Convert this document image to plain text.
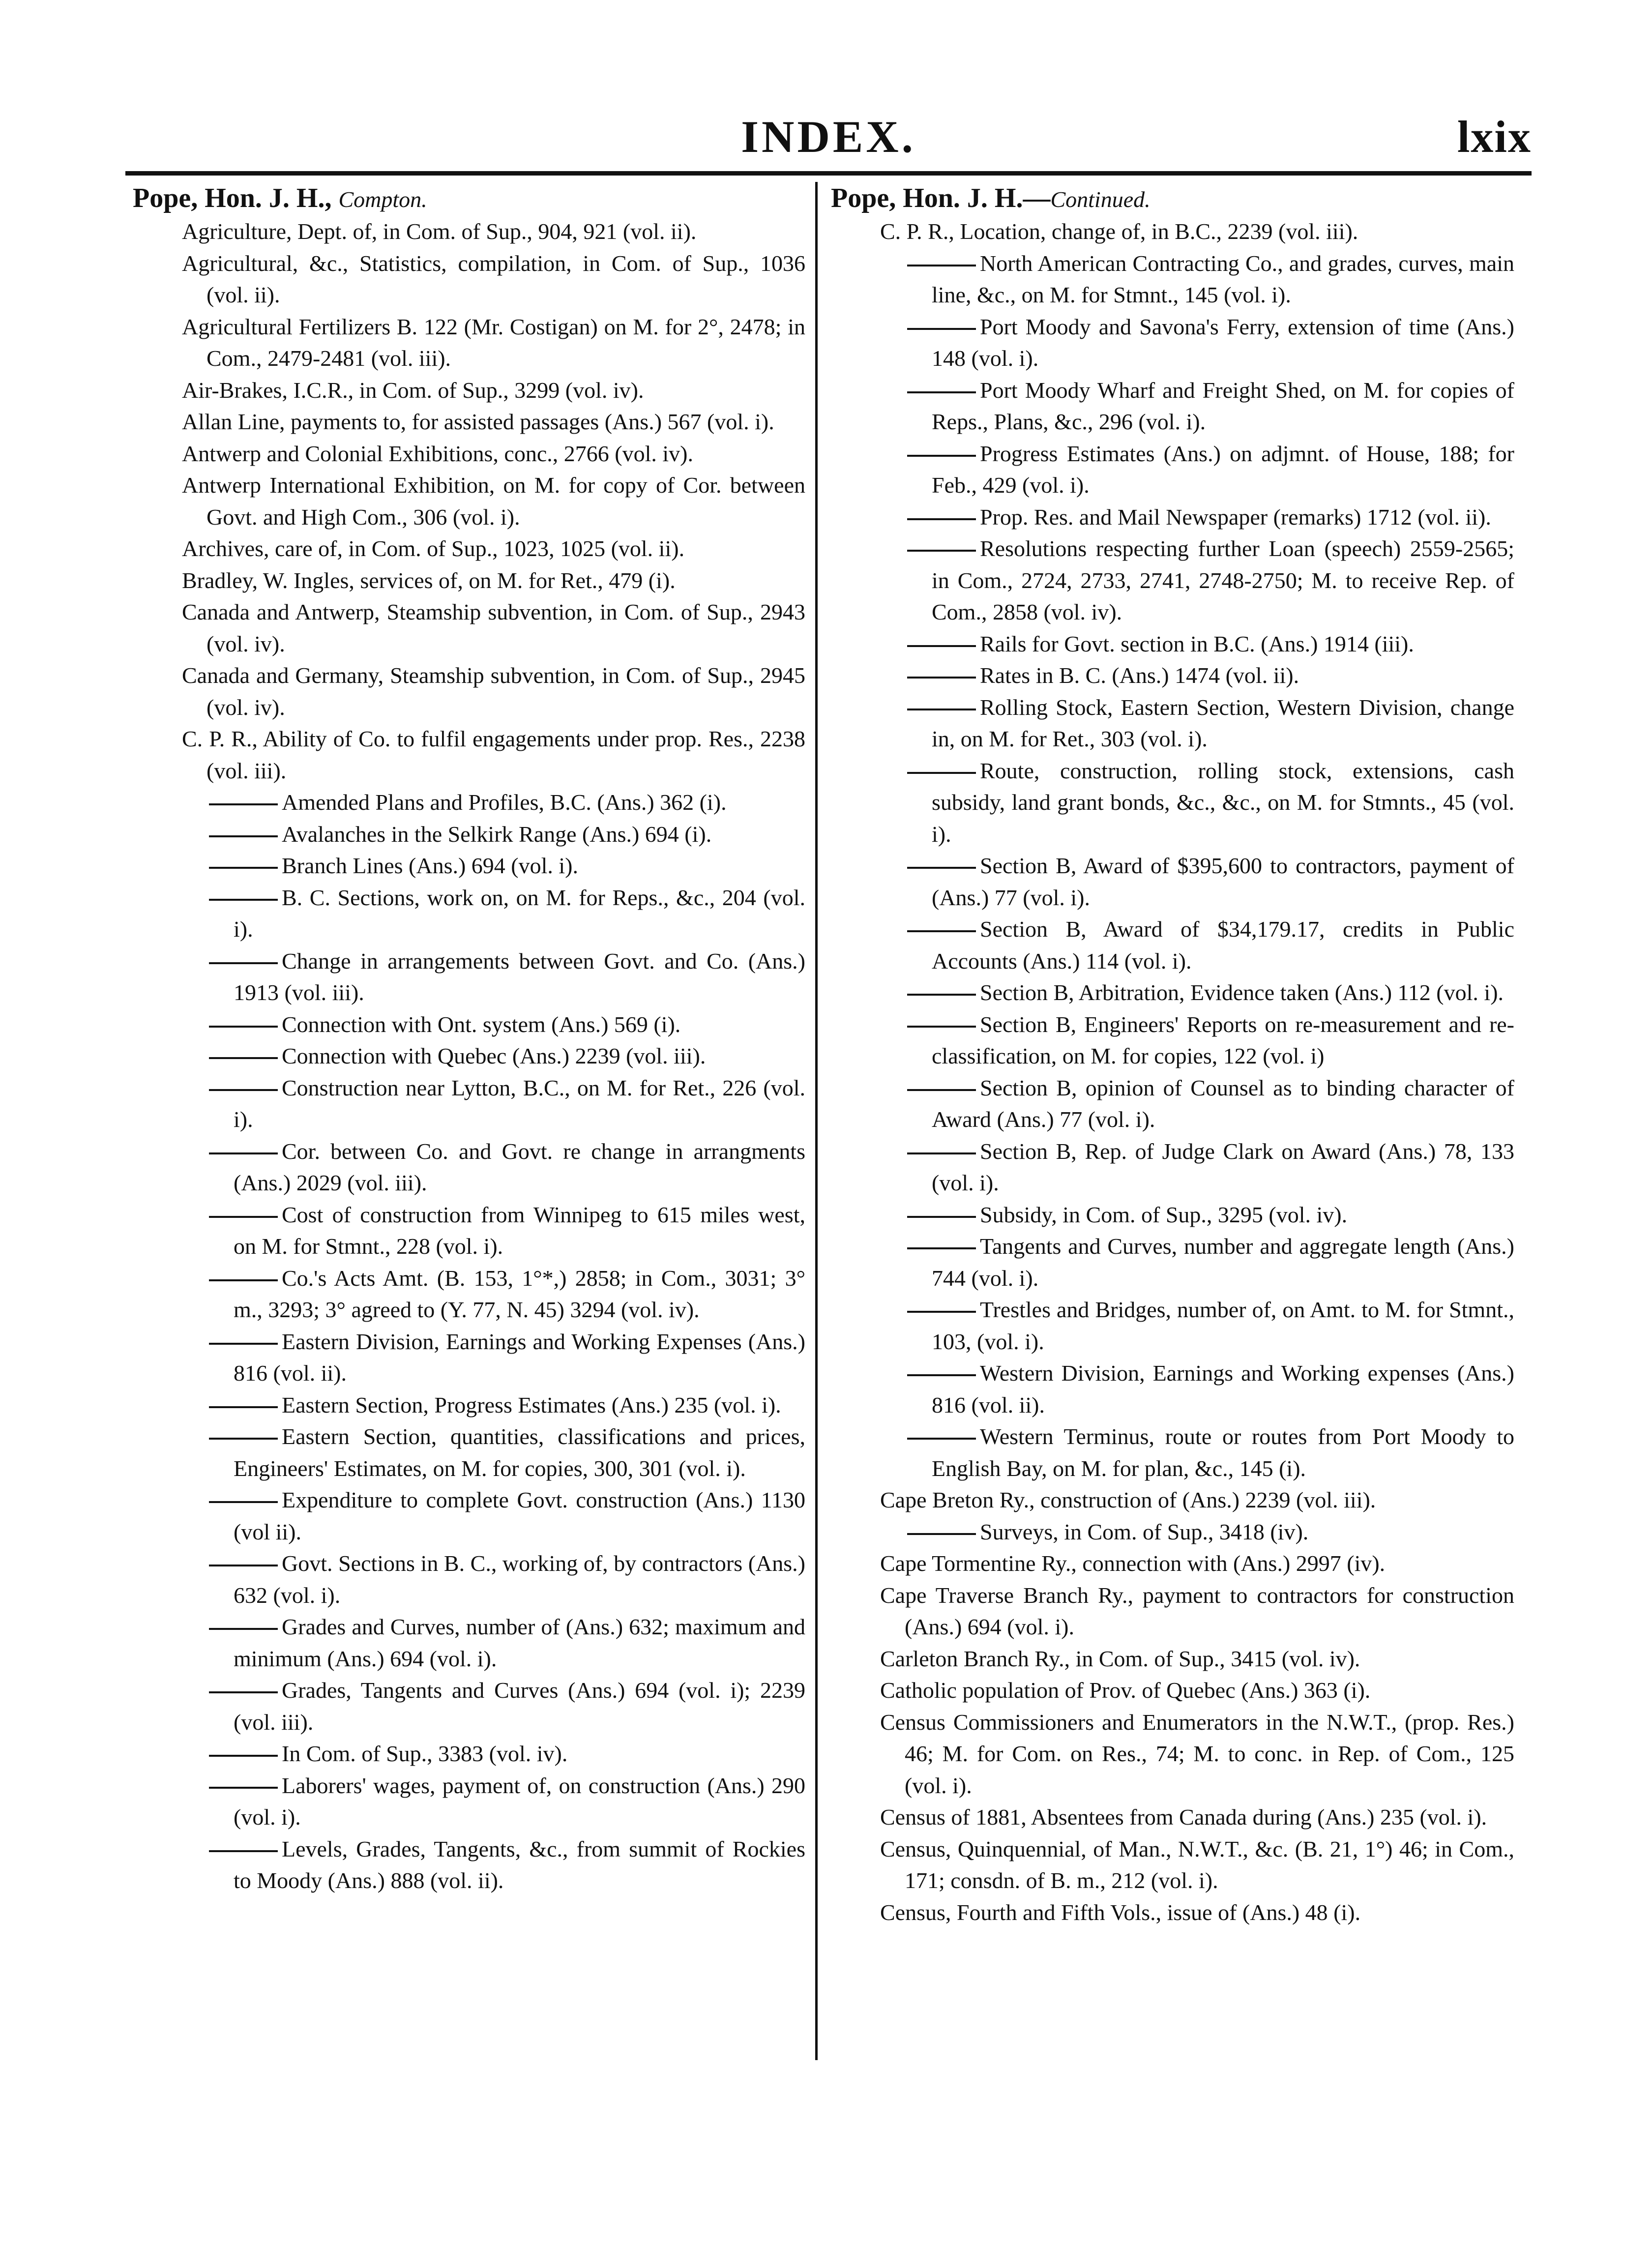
INDEX.	lxix

Pope, Hon. J. H., Compton.

Agriculture, Dept. of, in Com. of Sup., 904, 921 (vol. ii).
Agricultural, &c., Statistics, compilation, in Com. of Sup., 1036 (vol. ii).
Agricultural Fertilizers B. 122 (Mr. Costigan) on M. for 2°, 2478; in Com., 2479-2481 (vol. iii).
Air-Brakes, I.C.R., in Com. of Sup., 3299 (vol. iv).
Allan Line, payments to, for assisted passages (Ans.) 567 (vol. i).
Antwerp and Colonial Exhibitions, conc., 2766 (vol. iv).
Antwerp International Exhibition, on M. for copy of Cor. between Govt. and High Com., 306 (vol. i).
Archives, care of, in Com. of Sup., 1023, 1025 (vol. ii).
Bradley, W. Ingles, services of, on M. for Ret., 479 (i).
Canada and Antwerp, Steamship subvention, in Com. of Sup., 2943 (vol. iv).
Canada and Germany, Steamship subvention, in Com. of Sup., 2945 (vol. iv).
C. P. R., Ability of Co. to fulfil engagements under prop. Res., 2238 (vol. iii).
Amended Plans and Profiles, B.C. (Ans.) 362 (i).
Avalanches in the Selkirk Range (Ans.) 694 (i).
Branch Lines (Ans.) 694 (vol. i).
B. C. Sections, work on, on M. for Reps., &c., 204 (vol. i).
Change in arrangements between Govt. and Co. (Ans.) 1913 (vol. iii).
Connection with Ont. system (Ans.) 569 (i).
Connection with Quebec (Ans.) 2239 (vol. iii).
Construction near Lytton, B.C., on M. for Ret., 226 (vol. i).
Cor. between Co. and Govt. re change in arrangments (Ans.) 2029 (vol. iii).
Cost of construction from Winnipeg to 615 miles west, on M. for Stmnt., 228 (vol. i).
Co.'s Acts Amt. (B. 153, 1°*,) 2858; in Com., 3031; 3° m., 3293; 3° agreed to (Y. 77, N. 45) 3294 (vol. iv).
Eastern Division, Earnings and Working Expenses (Ans.) 816 (vol. ii).
Eastern Section, Progress Estimates (Ans.) 235 (vol. i).
Eastern Section, quantities, classifications and prices, Engineers' Estimates, on M. for copies, 300, 301 (vol. i).
Expenditure to complete Govt. construction (Ans.) 1130 (vol ii).
Govt. Sections in B. C., working of, by contractors (Ans.) 632 (vol. i).
Grades and Curves, number of (Ans.) 632; maximum and minimum (Ans.) 694 (vol. i).
Grades, Tangents and Curves (Ans.) 694 (vol. i); 2239 (vol. iii).
In Com. of Sup., 3383 (vol. iv).
Laborers' wages, payment of, on construction (Ans.) 290 (vol. i).
Levels, Grades, Tangents, &c., from summit of Rockies to Moody (Ans.) 888 (vol. ii).

Pope, Hon. J. H.—Continued.

C. P. R., Location, change of, in B.C., 2239 (vol. iii).
North American Contracting Co., and grades, curves, main line, &c., on M. for Stmnt., 145 (vol. i).
Port Moody and Savona's Ferry, extension of time (Ans.) 148 (vol. i).
Port Moody Wharf and Freight Shed, on M. for copies of Reps., Plans, &c., 296 (vol. i).
Progress Estimates (Ans.) on adjmnt. of House, 188; for Feb., 429 (vol. i).
Prop. Res. and Mail Newspaper (remarks) 1712 (vol. ii).
Resolutions respecting further Loan (speech) 2559-2565; in Com., 2724, 2733, 2741, 2748-2750; M. to receive Rep. of Com., 2858 (vol. iv).
Rails for Govt. section in B.C. (Ans.) 1914 (iii).
Rates in B. C. (Ans.) 1474 (vol. ii).
Rolling Stock, Eastern Section, Western Division, change in, on M. for Ret., 303 (vol. i).
Route, construction, rolling stock, extensions, cash subsidy, land grant bonds, &c., &c., on M. for Stmnts., 45 (vol. i).
Section B, Award of $395,600 to contractors, payment of (Ans.) 77 (vol. i).
Section B, Award of $34,179.17, credits in Public Accounts (Ans.) 114 (vol. i).
Section B, Arbitration, Evidence taken (Ans.) 112 (vol. i).
Section B, Engineers' Reports on re-measurement and re-classification, on M. for copies, 122 (vol. i)
Section B, opinion of Counsel as to binding character of Award (Ans.) 77 (vol. i).
Section B, Rep. of Judge Clark on Award (Ans.) 78, 133 (vol. i).
Subsidy, in Com. of Sup., 3295 (vol. iv).
Tangents and Curves, number and aggregate length (Ans.) 744 (vol. i).
Trestles and Bridges, number of, on Amt. to M. for Stmnt., 103, (vol. i).
Western Division, Earnings and Working expenses (Ans.) 816 (vol. ii).
Western Terminus, route or routes from Port Moody to English Bay, on M. for plan, &c., 145 (i).
Cape Breton Ry., construction of (Ans.) 2239 (vol. iii).
Surveys, in Com. of Sup., 3418 (iv).
Cape Tormentine Ry., connection with (Ans.) 2997 (iv).
Cape Traverse Branch Ry., payment to contractors for construction (Ans.) 694 (vol. i).
Carleton Branch Ry., in Com. of Sup., 3415 (vol. iv).
Catholic population of Prov. of Quebec (Ans.) 363 (i).
Census Commissioners and Enumerators in the N.W.T., (prop. Res.) 46; M. for Com. on Res., 74; M. to conc. in Rep. of Com., 125 (vol. i).
Census of 1881, Absentees from Canada during (Ans.) 235 (vol. i).
Census, Quinquennial, of Man., N.W.T., &c. (B. 21, 1°) 46; in Com., 171; consdn. of B. m., 212 (vol. i).
Census, Fourth and Fifth Vols., issue of (Ans.) 48 (i).
